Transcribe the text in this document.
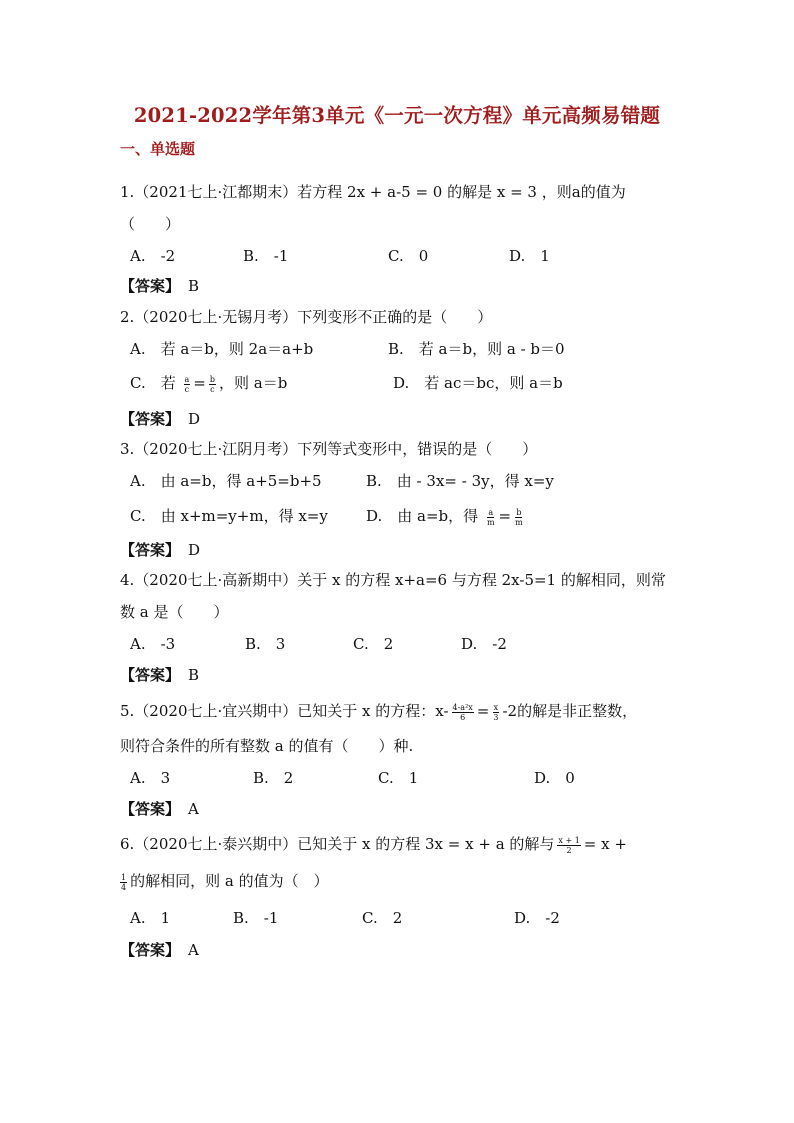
2021-2022学年第3单元《一元一次方程》单元高频易错题
一、单选题
1.（2021七上·江都期末）若方程 2x + a-5 = 0 的解是 x = 3 ，则a的值为
（　　）
A.　-2	B.　-1	C.　0	D.　1
【答案】 B
2.（2020七上·无锡月考）下列变形不正确的是（　　）
A.　若 a＝b，则 2a＝a+b	B.　若 a＝b，则 a - b＝0
C.　若 $\frac{a}{c} = \frac{b}{c}$ ，则 a＝b	D.　若 ac＝bc，则 a＝b
【答案】 D
3.（2020七上·江阴月考）下列等式变形中，错误的是（　　）
A.　由 a=b，得 a+5=b+5	B.　由 - 3x= - 3y，得 x=y
C.　由 x+m=y+m，得 x=y	D.　由 a=b，得 $\frac{a}{m} = \frac{b}{m}$
【答案】 D
4.（2020七上·高新期中）关于 x 的方程 x+a=6 与方程 2x-5=1 的解相同，则常
数 a 是（　　）
A.　-3	B.　3	C.　2	D.　-2
【答案】 B
5.（2020七上·宜兴期中）已知关于 x 的方程：$x- \frac{\text{4-a²x}}{6} = \frac{x}{3} -2$的解是非正整数，
则符合条件的所有整数 a 的值有（　　）种.
A.　3	B.　2	C.　1	D.　0
【答案】 A
6.（2020七上·泰兴期中）已知关于 x 的方程 3x = x + a 的解与 $\frac{x + 1}{2} = x$ +
$\frac{1}{4}$ 的解相同，则 a 的值为（　）
A.　1	B.　-1	C.　2	D.　-2
【答案】 A
